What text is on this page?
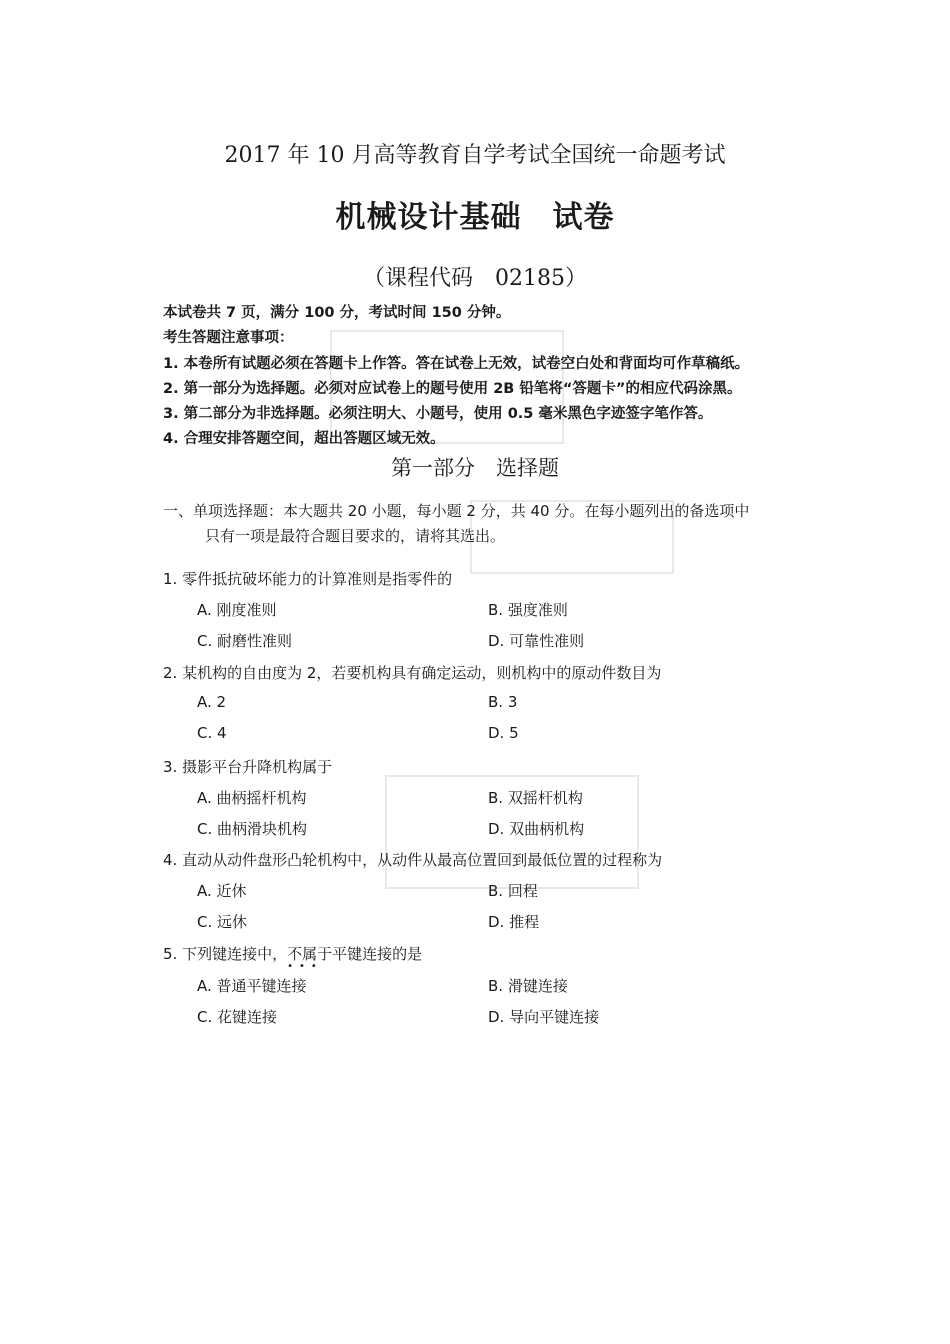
2017 年 10 月高等教育自学考试全国统一命题考试
机械设计基础　试卷
（课程代码　02185）
本试卷共 7 页，满分 100 分，考试时间 150 分钟。
考生答题注意事项：
1. 本卷所有试题必须在答题卡上作答。答在试卷上无效，试卷空白处和背面均可作草稿纸。
2. 第一部分为选择题。必须对应试卷上的题号使用 2B 铅笔将“答题卡”的相应代码涂黑。
3. 第二部分为非选择题。必须注明大、小题号，使用 0.5 毫米黑色字迹签字笔作答。
4. 合理安排答题空间，超出答题区域无效。
第一部分　选择题
一、单项选择题：本大题共 20 小题，每小题 2 分，共 40 分。在每小题列出的备选项中
只有一项是最符合题目要求的，请将其选出。
1. 零件抵抗破坏能力的计算准则是指零件的
A. 刚度准则	B. 强度准则
C. 耐磨性准则	D. 可靠性准则
2. 某机构的自由度为 2，若要机构具有确定运动，则机构中的原动件数目为
A. 2	B. 3
C. 4	D. 5
3. 摄影平台升降机构属于
A. 曲柄摇杆机构	B. 双摇杆机构
C. 曲柄滑块机构	D. 双曲柄机构
4. 直动从动件盘形凸轮机构中，从动件从最高位置回到最低位置的过程称为
A. 近休	B. 回程
C. 远休	D. 推程
5. 下列键连接中，不属于
•••
平键连接的是
A. 普通平键连接	B. 滑键连接
C. 花键连接	D. 导向平键连接
